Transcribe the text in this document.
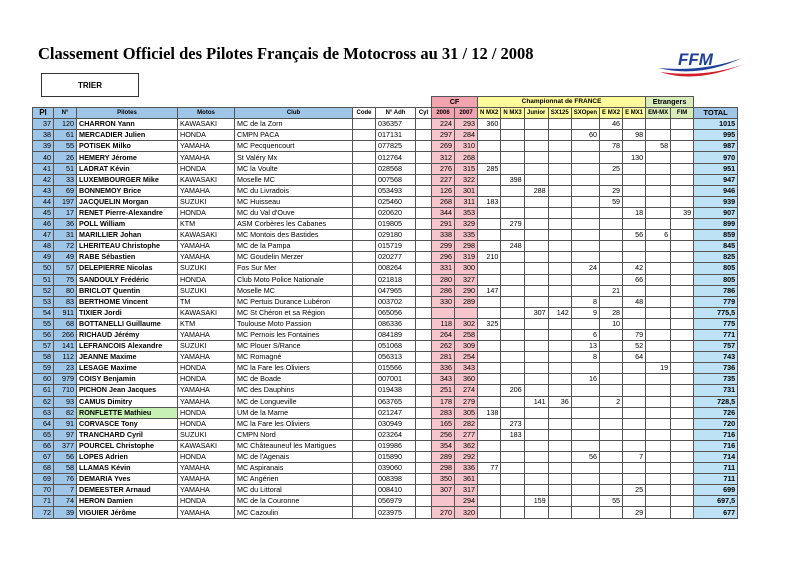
Classement Officiel des Pilotes Français de Motocross au 31 / 12 / 2008	FFM
TRIER
								CF		Championnat de FRANCE							Etrangers		
Pl	N°	Pilotes	Motos	Club	Code	N° Adh	Cyl	2006	2007	N MX2	N MX3	Junior	SX125	SXOpen	E MX2	E MX1	EM-MX	FIM	TOTAL
37	120	CHARRON Yann	KAWASAKI	MC de la Zorn		036357		224	293	360					46				1015
38	61	MERCADIER Julien	HONDA	CMPN PACA		017131		297	284					60		98			995
39	55	POTISEK Milko	YAMAHA	MC Pecquencourt		077825		269	310						78		58		987
40	26	HEMERY Jérome	YAMAHA	St Valéry Mx		012764		312	268							130			970
41	51	LADRAT Kévin	HONDA	MC la Voulte		028568		276	315	285					25				951
42	33	LUXEMBOURGER Mike	KAWASAKI	Moselle MC		007568		227	322		398								947
43	69	BONNEMOY Brice	YAMAHA	MC du Livradois		053493		126	301			288			29				946
44	197	JACQUELIN Morgan	SUZUKI	MC Huisseau		025460		268	311	183					59				939
45	17	RENET Pierre-Alexandre	HONDA	MC du Val d'Ouve		020620		344	353							18		39	907
46	36	POLL William	KTM	ASM Corbères les Cabanes		019805		291	329		279								899
47	31	MARILLIER Johan	KAWASAKI	MC Montois des Bastides		029180		338	335							56	6		859
48	72	LHERITEAU Christophe	YAMAHA	MC de la Pampa		015719		299	298		248								845
49	49	RABE Sébastien	YAMAHA	MC Goudelin Merzer		020277		296	319	210									825
50	57	DELEPIERRE Nicolas	SUZUKI	Fos Sur Mer		008264		331	300					24		42			805
51	75	SANDOULY Frédéric	HONDA	Club Moto Police Nationale		021818		280	327							66			805
52	80	BRICLOT Quentin	SUZUKI	Moselle MC		047965		286	290	147					21				786
53	83	BERTHOME Vincent	TM	MC Pertuis Durance Lubéron		003702		330	289					8		48			779
54	911	TIXIER Jordi	KAWASAKI	MC St Chéron et sa Région		065056						307	142	9	28				775,5
55	68	BOTTANELLI Guillaume	KTM	Toulouse Moto Passion		086336		118	302	325					10				775
56	266	RICHAUD Jérémy	YAMAHA	MC Pernois les Fontaines		084189		264	258					6		79			771
57	141	LEFRANCOIS Alexandre	SUZUKI	MC Plouer S/Rance		051068		262	309					13		52			757
58	112	JEANNE Maxime	YAMAHA	MC Romagné		056313		281	254					8		64			743
59	23	LESAGE Maxime	HONDA	MC la Fare les Oliviers		015566		336	343								19		736
60	979	COISY Benjamin	HONDA	MC de Boade		007001		343	360					16					735
61	710	PICHON Jean Jacques	YAMAHA	MC des Dauphins		019438		251	274		206								731
62	93	CAMUS Dimitry	YAMAHA	MC de Longueville		063765		178	279			141	36		2				728,5
63	82	RONFLETTE Mathieu	HONDA	UM de la Marne		021247		283	305	138									726
64	91	CORVASCE Tony	HONDA	MC la Fare les Oliviers		030949		165	282		273								720
65	97	TRANCHARD Cyril	SUZUKI	CMPN Nord		023264		256	277		183								716
66	377	POURCEL Christophe	KAWASAKI	MC Châteauneuf les Martigues		019986		354	362										716
67	56	LOPES Adrien	HONDA	MC de l'Agenais		015890		289	292					56		7			714
68	58	LLAMAS Kévin	YAMAHA	MC Aspiranais		039060		298	336	77									711
69	76	DEMARIA Yves	YAMAHA	MC Angérien		008398		350	361										711
70	7	DEMEESTER Arnaud	YAMAHA	MC du Littoral		008410		307	317							25			699
71	74	HERON Damien	HONDA	MC de la Couronne		056979			294			159			55				697,5
72	39	VIGUIER Jérôme	YAMAHA	MC Cazoulin		023975		270	320							29			677
